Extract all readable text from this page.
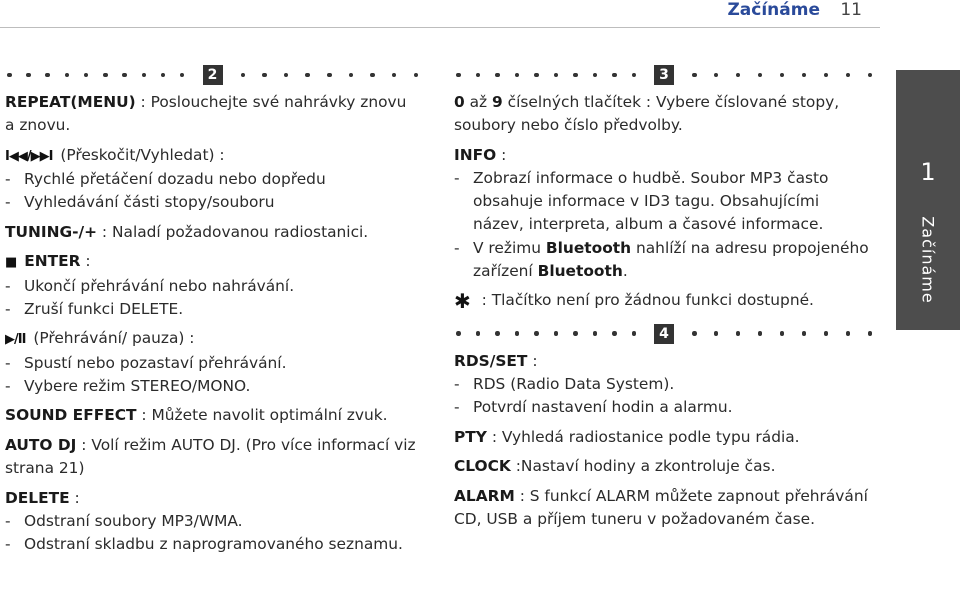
Začínáme 11
1
Začínáme
2

REPEAT(MENU) : Poslouchejte své nahrávky znovu a znovu.

I◀◀/▶▶I (Přeskočit/Vyhledat) :

- Rychlé přetáčení dozadu nebo dopředu
- Vyhledávání části stopy/souboru

TUNING-/+ : Naladí požadovanou radiostanici.

■ ENTER :

- Ukončí přehrávání nebo nahrávání.
- Zruší funkci DELETE.

▶/II (Přehrávání/ pauza) :

- Spustí nebo pozastaví přehrávání.
- Vybere režim STEREO/MONO.

SOUND EFFECT : Můžete navolit optimální zvuk.

AUTO DJ : Volí režim AUTO DJ. (Pro více informací viz strana 21)

DELETE :

- Odstraní soubory MP3/WMA.
- Odstraní skladbu z naprogramovaného seznamu.
3

0 až 9 číselných tlačítek : Vybere číslované stopy, soubory nebo číslo předvolby.

INFO :

- Zobrazí informace o hudbě. Soubor MP3 často obsahuje informace v ID3 tagu. Obsahujícími název, interpreta, album a časové informace.
- V režimu Bluetooth nahlíží na adresu propojeného zařízení Bluetooth.

✱ : Tlačítko není pro žádnou funkci dostupné.

4

RDS/SET :

- RDS (Radio Data System).
- Potvrdí nastavení hodin a alarmu.

PTY : Vyhledá radiostanice podle typu rádia.

CLOCK :Nastaví hodiny a zkontroluje čas.

ALARM : S funkcí ALARM můžete zapnout přehrávání CD, USB a příjem tuneru v požadovaném čase.
